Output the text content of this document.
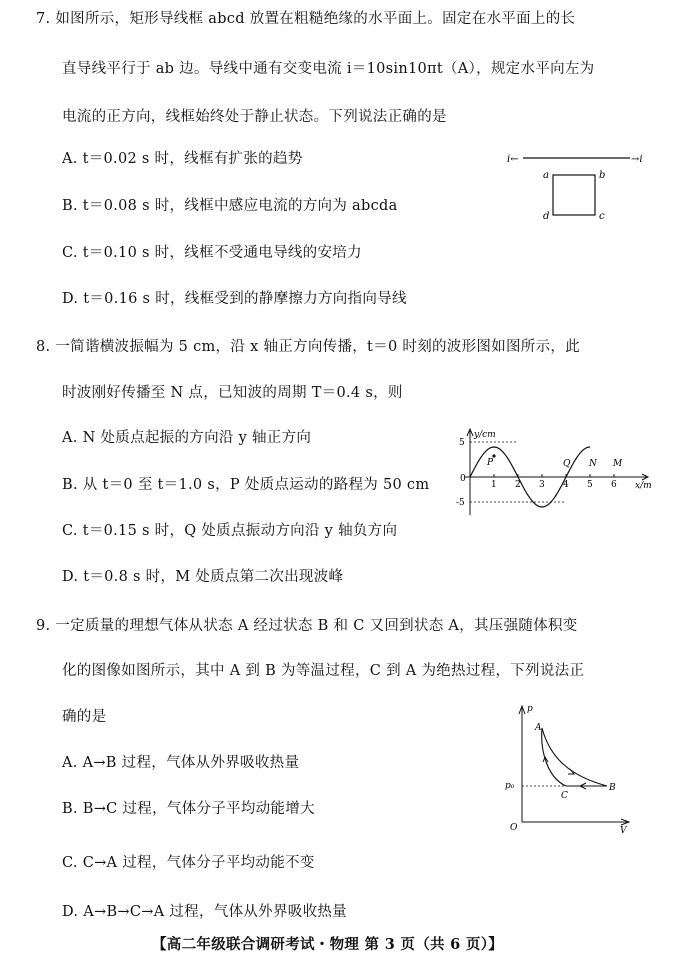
7. 如图所示，矩形导线框 abcd 放置在粗糙绝缘的水平面上。固定在水平面上的长
直导线平行于 ab 边。导线中通有交变电流 i＝10sin10πt（A），规定水平向左为
电流的正方向，线框始终处于静止状态。下列说法正确的是
A. t＝0.02 s 时，线框有扩张的趋势
B. t＝0.08 s 时，线框中感应电流的方向为 abcda
C. t＝0.10 s 时，线框不受通电导线的安培力
D. t＝0.16 s 时，线框受到的静摩擦力方向指向导线
i←	→i
a	b
c
d
8. 一简谐横波振幅为 5 cm，沿 x 轴正方向传播，t＝0 时刻的波形图如图所示，此
时波刚好传播至 N 点，已知波的周期 T＝0.4 s，则
A. N 处质点起振的方向沿 y 轴正方向
B. 从 t＝0 至 t＝1.0 s，P 处质点运动的路程为 50 cm
C. t＝0.15 s 时，Q 处质点振动方向沿 y 轴负方向
D. t＝0.8 s 时，M 处质点第二次出现波峰
y/cm
x/m
0
5
-5
1 2 3 4 5 6
P	Q N M
9. 一定质量的理想气体从状态 A 经过状态 B 和 C 又回到状态 A，其压强随体积变
化的图像如图所示，其中 A 到 B 为等温过程，C 到 A 为绝热过程，下列说法正
确的是
A. A→B 过程，气体从外界吸收热量
B. B→C 过程，气体分子平均动能增大
C. C→A 过程，气体分子平均动能不变
D. A→B→C→A 过程，气体从外界吸收热量
p
V
O
p₀
A
B
C
【高二年级联合调研考试・物理 第 3 页（共 6 页）】
